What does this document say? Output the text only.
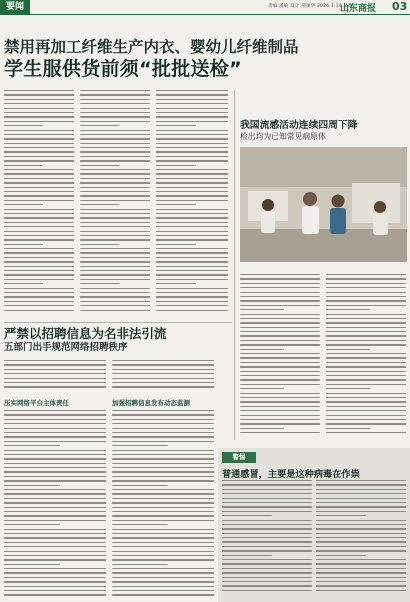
要闻	责编:潘敏 设计:郝俊华 2026.1.14 星期三
山东商报 03
禁用再加工纤维生产内衣、婴幼儿纤维制品
学生服供货前须“批批送检”
我国流感活动连续四周下降
检出均为已知常见病原体
严禁以招聘信息为名非法引流
五部门出手规范网络招聘秩序
压实网络平台主体责任	加强招聘信息发布动态监测
警惕
普通感冒，主要是这种病毒在作祟
